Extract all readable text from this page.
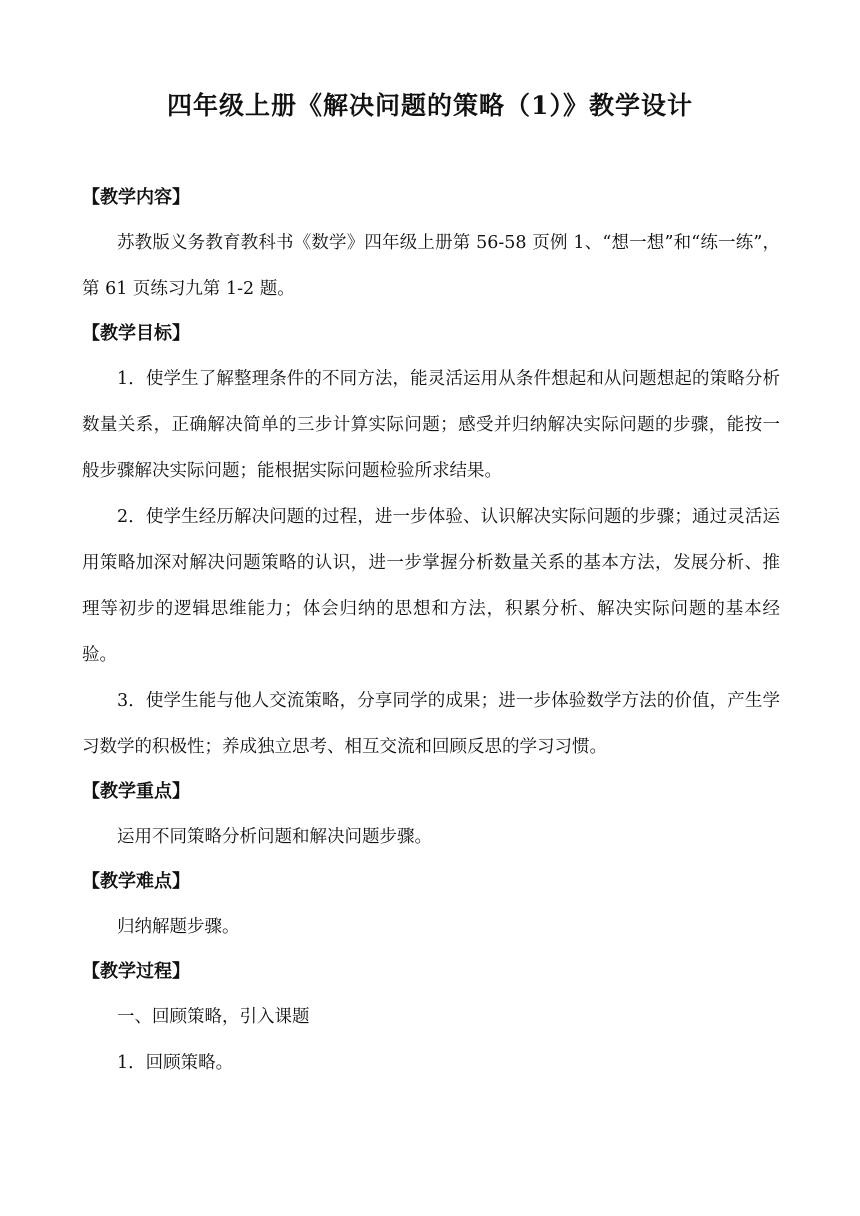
四年级上册《解决问题的策略（1）》教学设计
【教学内容】

苏教版义务教育教科书《数学》四年级上册第 56-58 页例 1、“想一想”和“练一练”，第 61 页练习九第 1-2 题。

【教学目标】

1．使学生了解整理条件的不同方法，能灵活运用从条件想起和从问题想起的策略分析数量关系，正确解决简单的三步计算实际问题；感受并归纳解决实际问题的步骤，能按一般步骤解决实际问题；能根据实际问题检验所求结果。

2．使学生经历解决问题的过程，进一步体验、认识解决实际问题的步骤；通过灵活运用策略加深对解决问题策略的认识，进一步掌握分析数量关系的基本方法，发展分析、推理等初步的逻辑思维能力；体会归纳的思想和方法，积累分析、解决实际问题的基本经验。

3．使学生能与他人交流策略，分享同学的成果；进一步体验数学方法的价值，产生学习数学的积极性；养成独立思考、相互交流和回顾反思的学习习惯。

【教学重点】

运用不同策略分析问题和解决问题步骤。

【教学难点】

归纳解题步骤。

【教学过程】

一、回顾策略，引入课题

1．回顾策略。
